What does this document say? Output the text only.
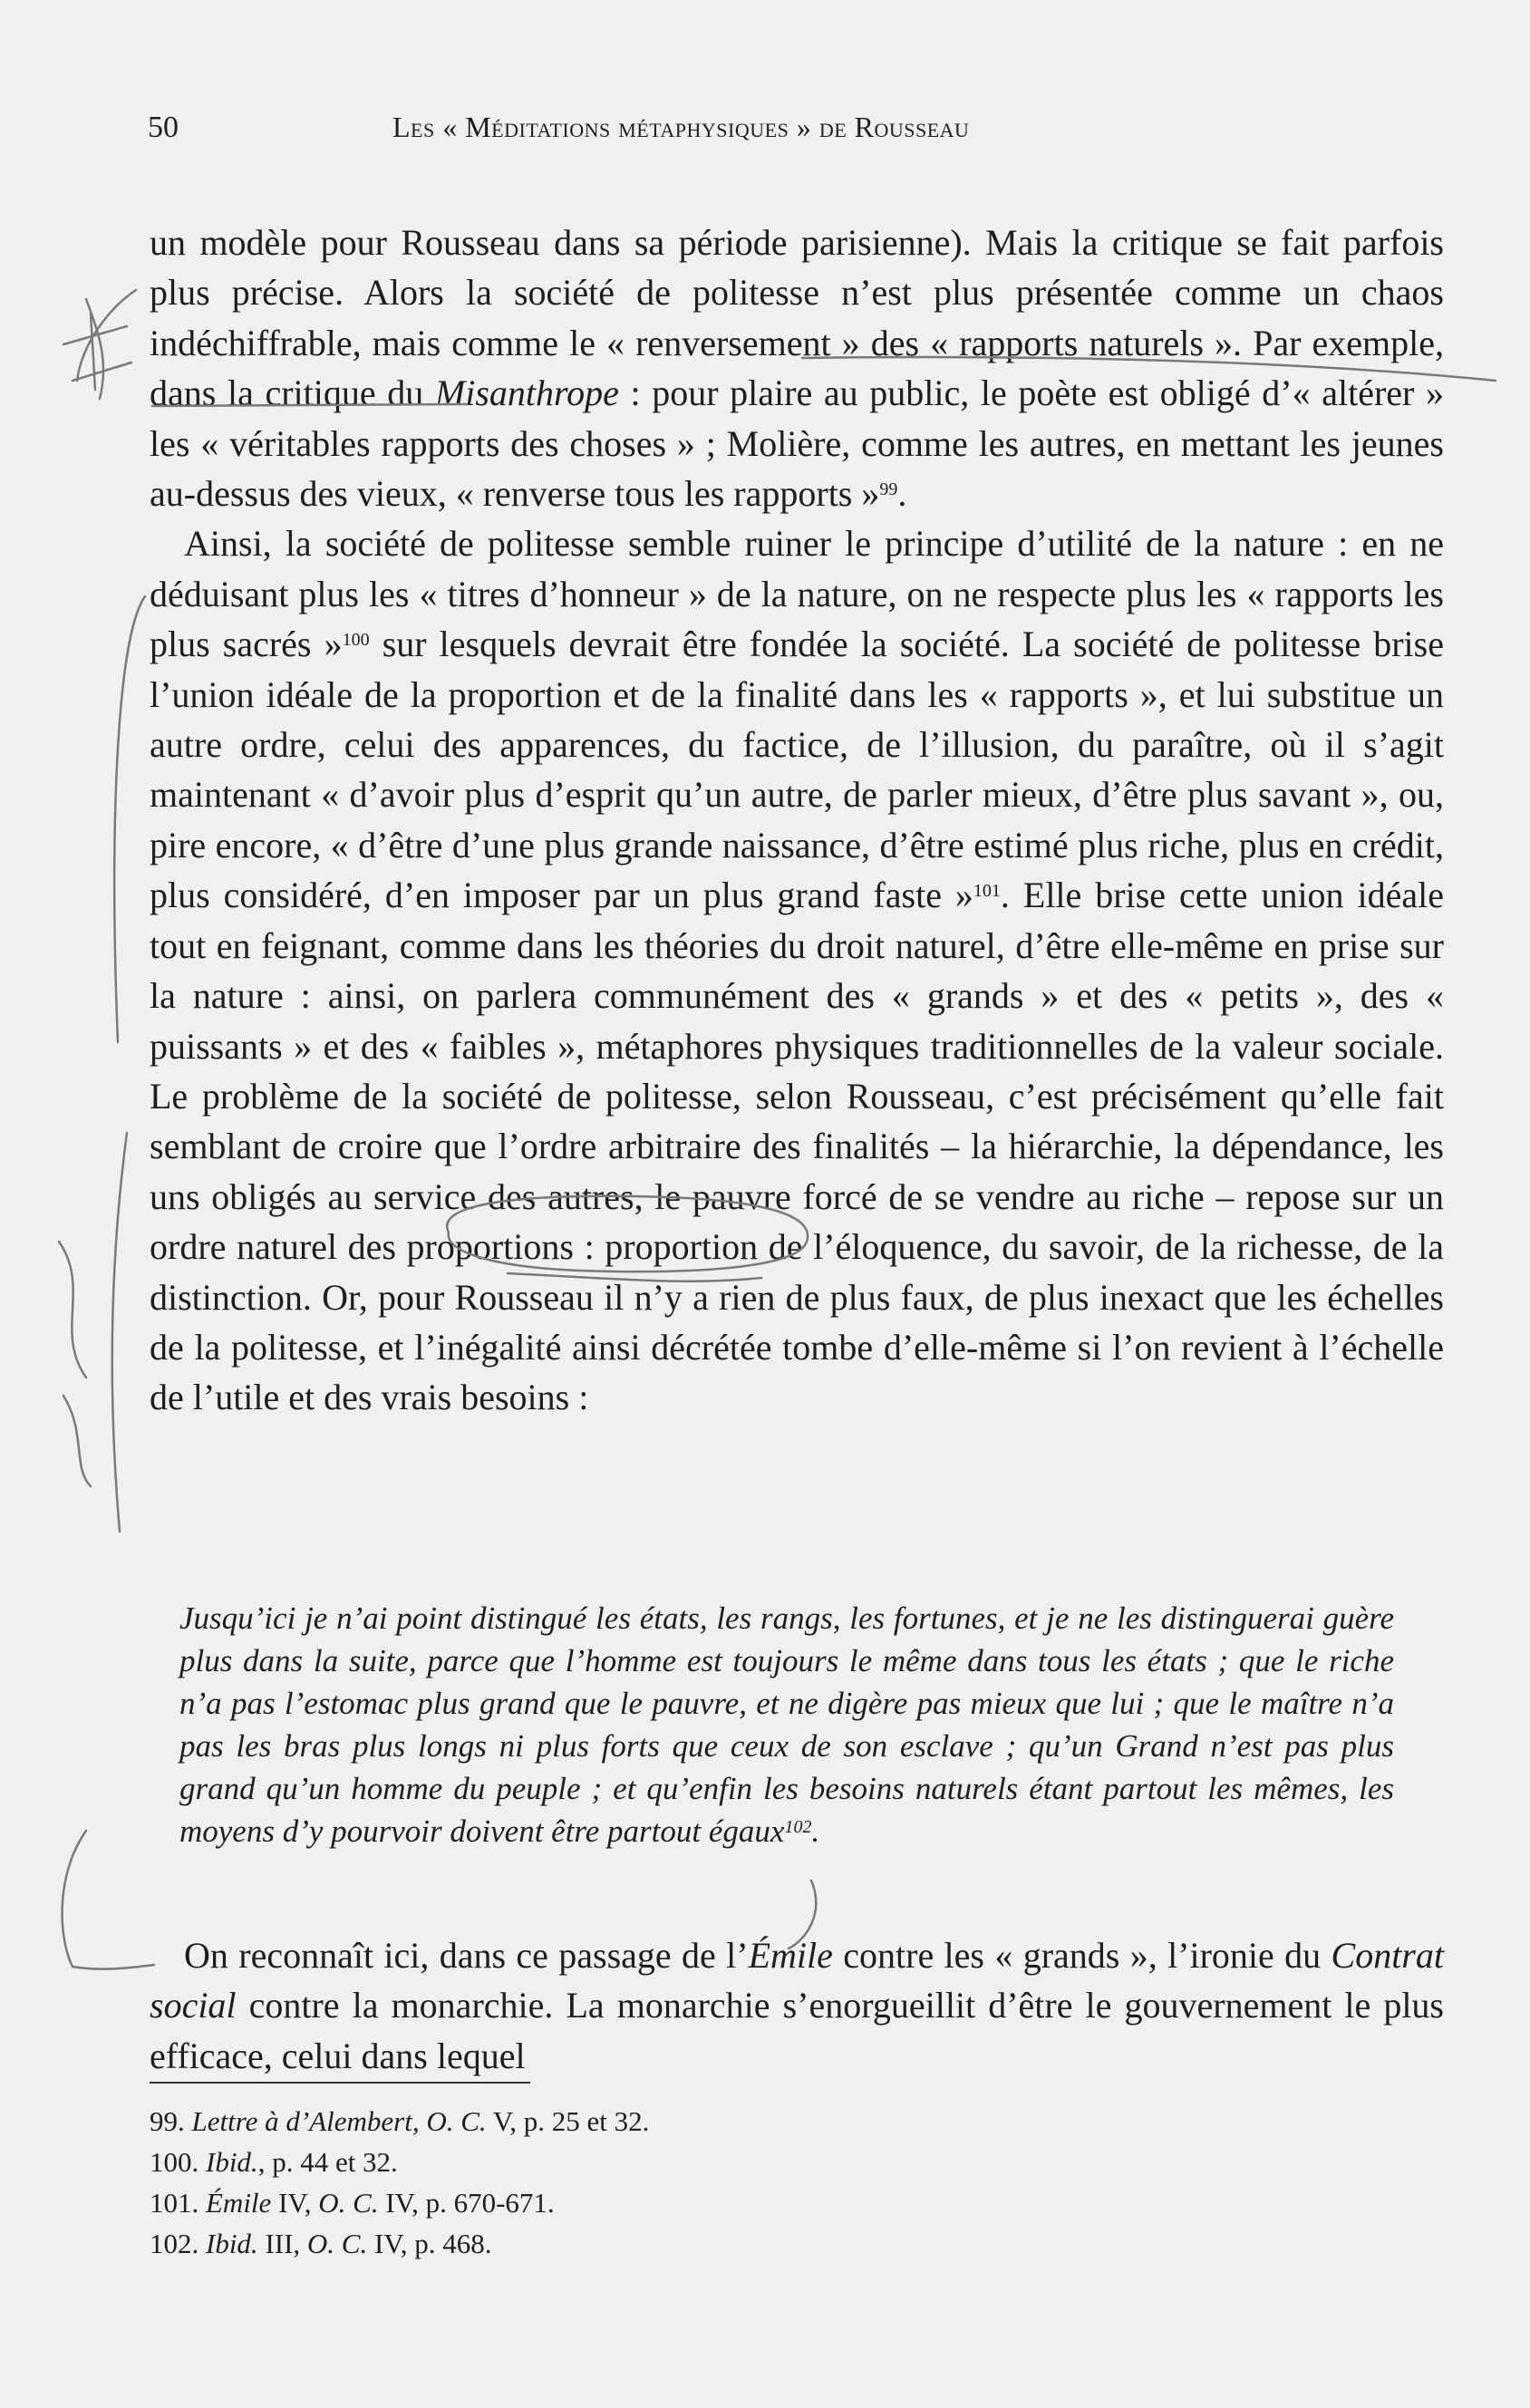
50	Les « Méditations métaphysiques » de Rousseau

un modèle pour Rousseau dans sa période parisienne). Mais la critique se fait parfois plus précise. Alors la société de politesse n’est plus présentée comme un chaos indéchiffrable, mais comme le « renversement » des « rapports naturels ». Par exemple, dans la critique du Misanthrope : pour plaire au public, le poète est obligé d’« altérer » les « véritables rapports des choses » ; Molière, comme les autres, en mettant les jeunes au-dessus des vieux, « renverse tous les rapports »$^{99}$.

Ainsi, la société de politesse semble ruiner le principe d’utilité de la nature : en ne déduisant plus les « titres d’honneur » de la nature, on ne respecte plus les « rapports les plus sacrés »$^{100}$ sur lesquels devrait être fondée la société. La société de politesse brise l’union idéale de la proportion et de la finalité dans les « rapports », et lui substitue un autre ordre, celui des apparences, du factice, de l’illusion, du paraître, où il s’agit maintenant « d’avoir plus d’esprit qu’un autre, de parler mieux, d’être plus savant », ou, pire encore, « d’être d’une plus grande naissance, d’être estimé plus riche, plus en crédit, plus considéré, d’en imposer par un plus grand faste »$^{101}$. Elle brise cette union idéale tout en feignant, comme dans les théories du droit naturel, d’être elle-même en prise sur la nature : ainsi, on parlera communément des « grands » et des « petits », des « puissants » et des « faibles », métaphores physiques traditionnelles de la valeur sociale. Le problème de la société de politesse, selon Rousseau, c’est précisément qu’elle fait semblant de croire que l’ordre arbitraire des finalités – la hiérarchie, la dépendance, les uns obligés au service des autres, le pauvre forcé de se vendre au riche – repose sur un ordre naturel des proportions : proportion de l’éloquence, du savoir, de la richesse, de la distinction. Or, pour Rousseau il n’y a rien de plus faux, de plus inexact que les échelles de la politesse, et l’inégalité ainsi décrétée tombe d’elle-même si l’on revient à l’échelle de l’utile et des vrais besoins :

Jusqu’ici je n’ai point distingué les états, les rangs, les fortunes, et je ne les distinguerai guère plus dans la suite, parce que l’homme est toujours le même dans tous les états ; que le riche n’a pas l’estomac plus grand que le pauvre, et ne digère pas mieux que lui ; que le maître n’a pas les bras plus longs ni plus forts que ceux de son esclave ; qu’un Grand n’est pas plus grand qu’un homme du peuple ; et qu’enfin les besoins naturels étant partout les mêmes, les moyens d’y pourvoir doivent être partout égaux$^{102}$.

On reconnaît ici, dans ce passage de l’Émile contre les « grands », l’ironie du Contrat social contre la monarchie. La monarchie s’enorgueillit d’être le gouvernement le plus efficace, celui dans lequel

99. Lettre à d’Alembert, O. C. V, p. 25 et 32.
100. Ibid., p. 44 et 32.
101. Émile IV, O. C. IV, p. 670-671.
102. Ibid. III, O. C. IV, p. 468.
